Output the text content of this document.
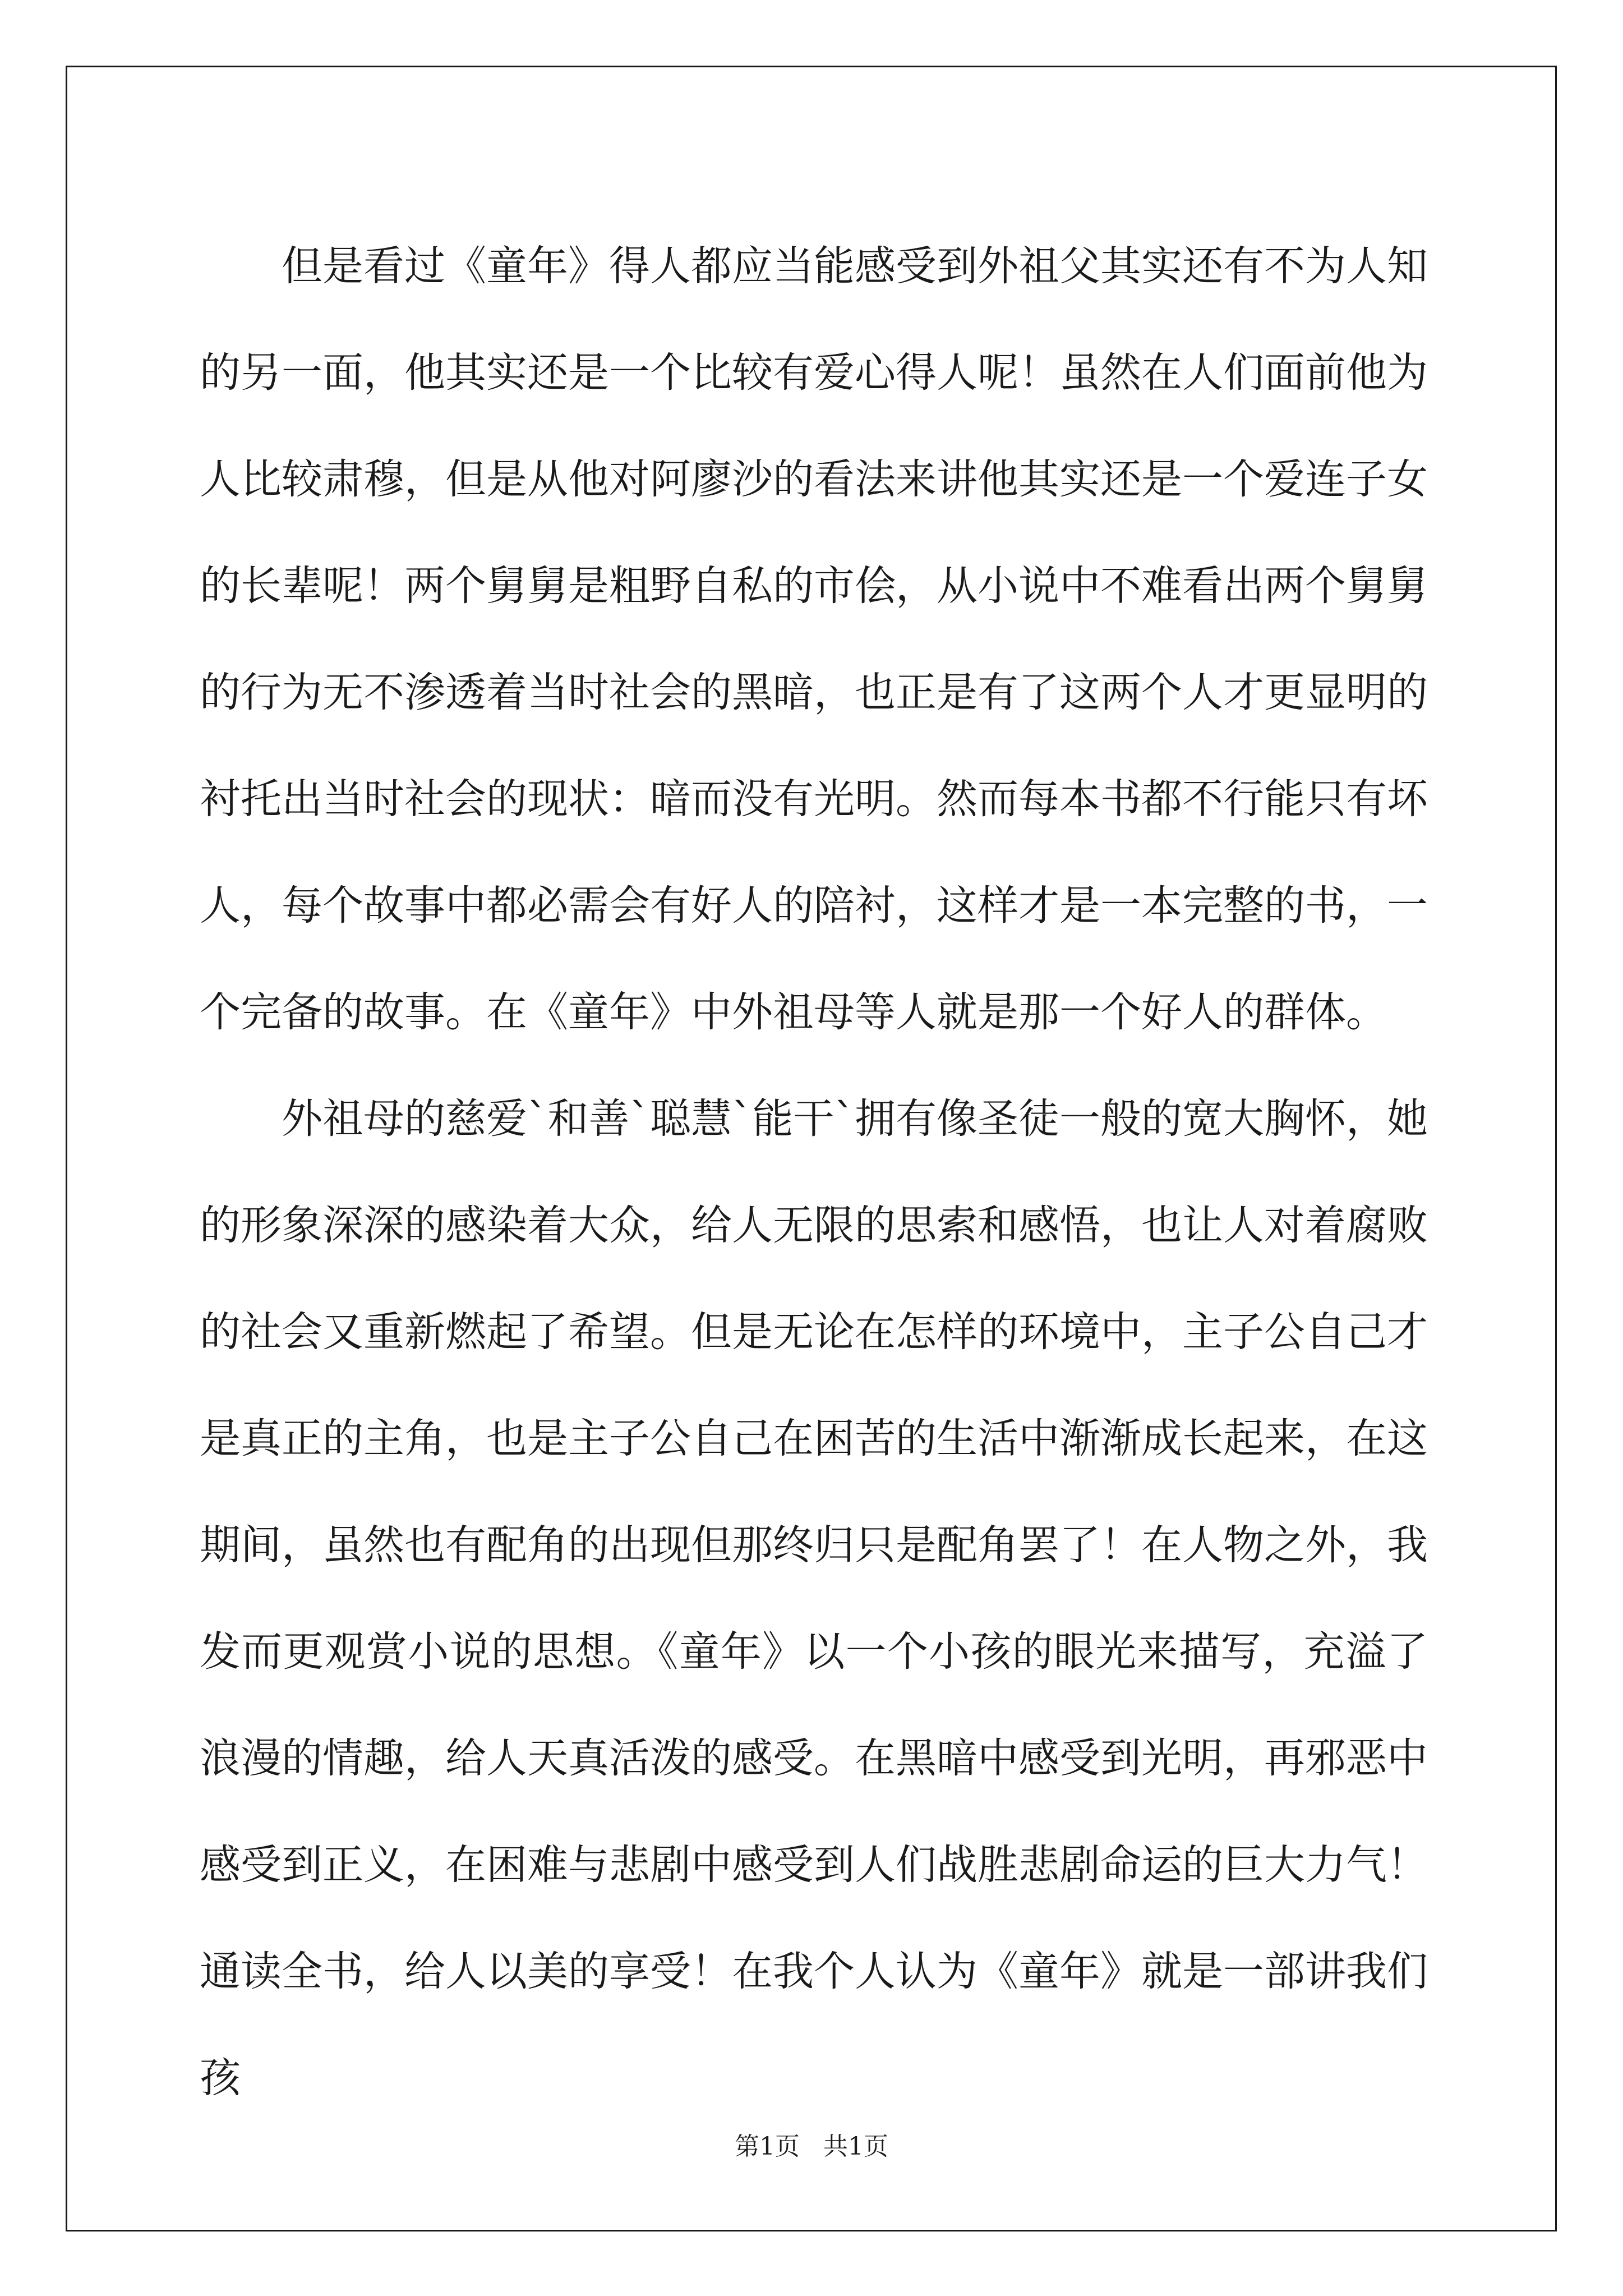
但是看过《童年》得人都应当能感受到外祖父其实还有不为人知的另一面，他其实还是一个比较有爱心得人呢！虽然在人们面前他为人比较肃穆，但是从他对阿廖沙的看法来讲他其实还是一个爱连子女的长辈呢！两个舅舅是粗野自私的市侩，从小说中不难看出两个舅舅的行为无不渗透着当时社会的黑暗，也正是有了这两个人才更显明的衬托出当时社会的现状：暗而没有光明。然而每本书都不行能只有坏人，每个故事中都必需会有好人的陪衬，这样才是一本完整的书，一个完备的故事。在《童年》中外祖母等人就是那一个好人的群体。

外祖母的慈爱`和善`聪慧`能干`拥有像圣徒一般的宽大胸怀，她的形象深深的感染着大众，给人无限的思索和感悟，也让人对着腐败的社会又重新燃起了希望。但是无论在怎样的环境中，主子公自己才是真正的主角，也是主子公自己在困苦的生活中渐渐成长起来，在这期间，虽然也有配角的出现但那终归只是配角罢了！在人物之外，我发而更观赏小说的思想。《童年》以一个小孩的眼光来描写，充溢了浪漫的情趣，给人天真活泼的感受。在黑暗中感受到光明，再邪恶中感受到正义，在困难与悲剧中感受到人们战胜悲剧命运的巨大力气！通读全书，给人以美的享受！在我个人认为《童年》就是一部讲我们孩

第1页   共1页
